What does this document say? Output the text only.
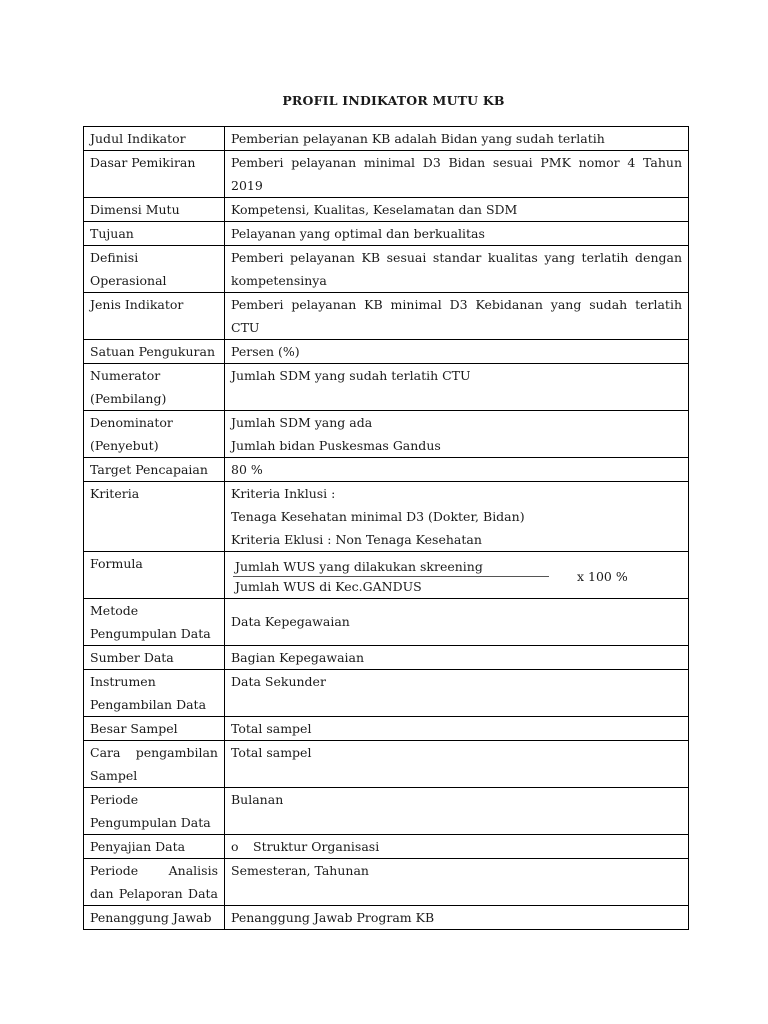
PROFIL INDIKATOR MUTU KB
Judul Indikator	Pemberian pelayanan KB adalah Bidan yang sudah terlatih
Dasar Pemikiran	Pemberi pelayanan minimal D3 Bidan sesuai PMK nomor 4 Tahun 2019
Dimensi Mutu	Kompetensi, Kualitas, Keselamatan dan SDM
Tujuan	Pelayanan yang optimal dan berkualitas
Definisi Operasional	Pemberi pelayanan KB sesuai standar kualitas yang terlatih dengan kompetensinya
Jenis Indikator	Pemberi pelayanan KB minimal D3 Kebidanan yang sudah terlatih CTU
Satuan Pengukuran	Persen (%)
Numerator (Pembilang)	Jumlah SDM yang sudah terlatih CTU
Denominator (Penyebut)	Jumlah SDM yang ada
Jumlah bidan Puskesmas Gandus

Target Pencapaian	80 %
Kriteria	Kriteria Inklusi :
Tenaga Kesehatan minimal D3 (Dokter, Bidan)
Kriteria Eklusi : Non Tenaga Kesehatan

Formula	Jumlah WUS yang dilakukan skreening
Jumlah WUS di Kec.GANDUS
x 100 %

Metode Pengumpulan Data	Data Kepegawaian

Sumber Data	Bagian Kepegawaian
Instrumen Pengambilan Data	Data Sekunder
Besar Sampel	Total sampel
Cara pengambilan Sampel	Total sampel
Periode Pengumpulan Data	Bulanan
Penyajian Data	o Struktur Organisasi
Periode Analisis dan Pelaporan Data	Semesteran, Tahunan
Penanggung Jawab	Penanggung Jawab Program KB
